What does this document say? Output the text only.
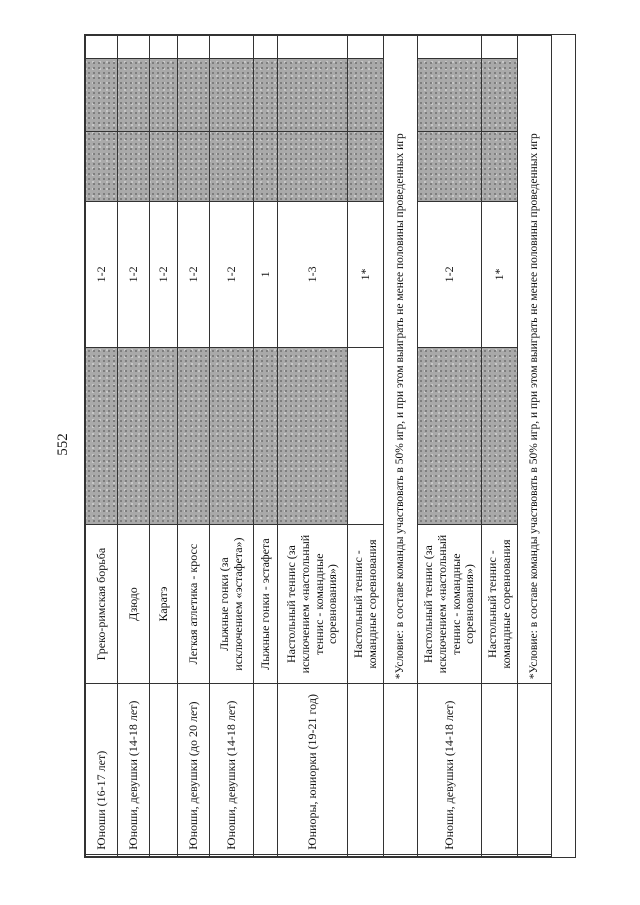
552
	Юноши (16-17 лет)	Греко-римская борьба		1-2			
	Юноши, девушки (14-18 лет)	Дзюдо		1-2			
		Каратэ		1-2			
	Юноши, девушки (до 20 лет)	Легкая атлетика - кросс		1-2			
	Юноши, девушки (14-18 лет)	Лыжные гонки (за исключением «эстафета»)		1-2			
		Лыжные гонки - эстафета		1			
	Юниоры, юниорки (19-21 год)	Настольный теннис (за исключением «настольный теннис - командные соревнования»)		1-3			
		Настольный теннис - командные соревнования		1*			
		*Условие: в составе команды участвовать в 50% игр, и при этом выиграть не менее половины проведенных игр					
	Юноши, девушки (14-18 лет)	Настольный теннис (за исключением «настольный теннис - командные соревнования»)		1-2			
		Настольный теннис - командные соревнования		1*			
		*Условие: в составе команды участвовать в 50% игр, и при этом выиграть не менее половины проведенных игр					
